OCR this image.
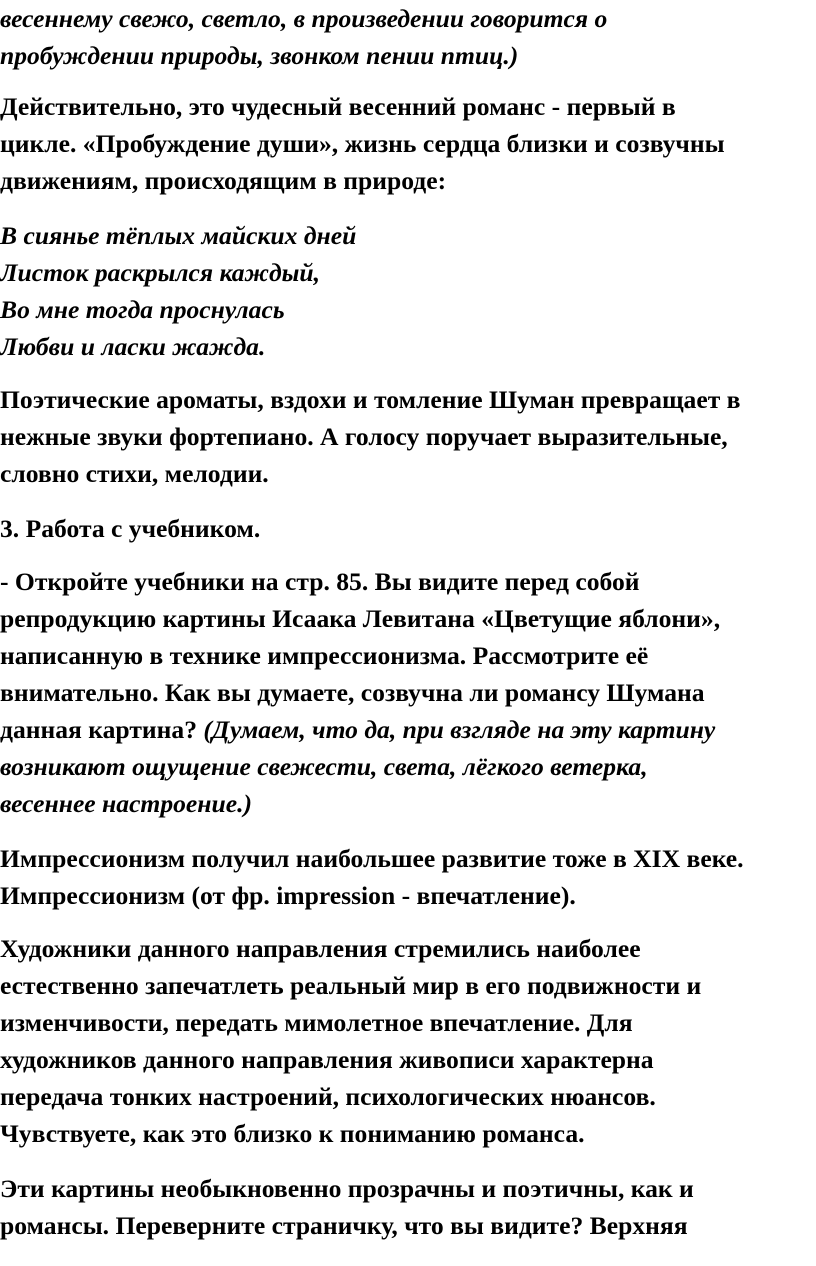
весеннему свежо, светло, в произведении говорится о
пробуждении природы, звонком пении птиц.)

Действительно, это чудесный весенний романс - первый в
цикле. «Пробуждение души», жизнь сердца близки и созвучны
движениям, происходящим в природе:

В сиянье тёплых майских дней
Листок раскрылся каждый,
Во мне тогда проснулась
Любви и ласки жажда.

Поэтические ароматы, вздохи и томление Шуман превращает в
нежные звуки фортепиано. А голосу поручает выразительные,
словно стихи, мелодии.

3. Работа с учебником.

- Откройте учебники на стр. 85. Вы видите перед собой
репродукцию картины Исаака Левитана «Цветущие яблони»,
написанную в технике импрессионизма. Рассмотрите её
внимательно. Как вы думаете, созвучна ли романсу Шумана
данная картина? (Думаем, что да, при взгляде на эту картину
возникают ощущение свежести, света, лёгкого ветерка,
весеннее настроение.)

Импрессионизм получил наибольшее развитие тоже в XIX веке.
Импрессионизм (от фр. impression - впечатление).

Художники данного направления стремились наиболее
естественно запечатлеть реальный мир в его подвижности и
изменчивости, передать мимолетное впечатление. Для
художников данного направления живописи характерна
передача тонких настроений, психологических нюансов.
Чувствуете, как это близко к пониманию романса.

Эти картины необыкновенно прозрачны и поэтичны, как и
романсы. Переверните страничку, что вы видите? Верхняя
